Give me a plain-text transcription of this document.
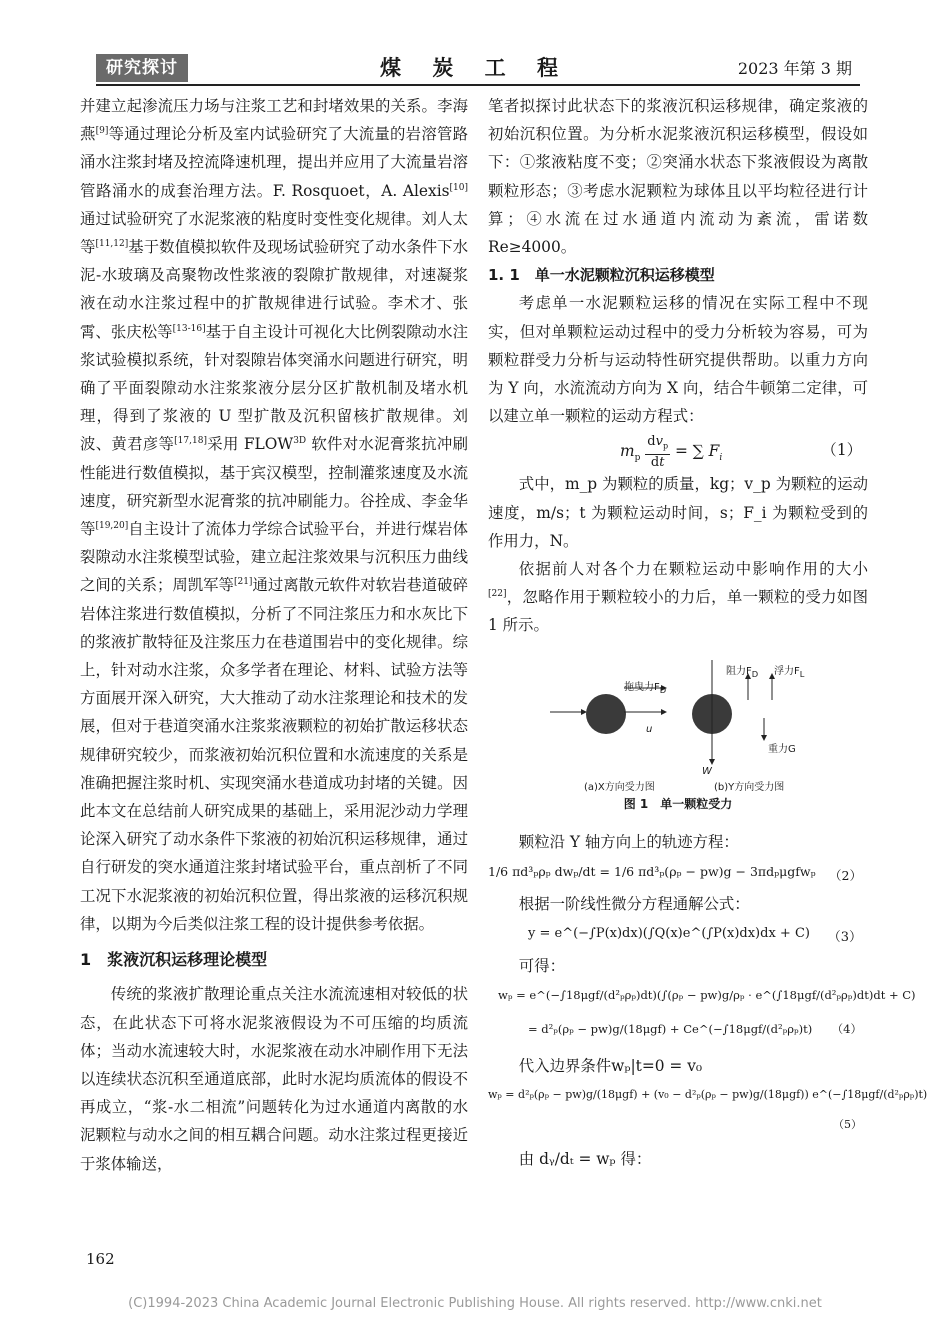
研究探讨	煤 炭 工 程	2023 年第 3 期

并建立起渗流压力场与注浆工艺和封堵效果的关系。李海燕[9]等通过理论分析及室内试验研究了大流量的岩溶管路涌水注浆封堵及控流降速机理，提出并应用了大流量岩溶管路涌水的成套治理方法。F. Rosquoet，A. Alexis[10]通过试验研究了水泥浆液的粘度时变性变化规律。刘人太等[11,12]基于数值模拟软件及现场试验研究了动水条件下水泥-水玻璃及高聚物改性浆液的裂隙扩散规律，对速凝浆液在动水注浆过程中的扩散规律进行试验。李术才、张霄、张庆松等[13-16]基于自主设计可视化大比例裂隙动水注浆试验模拟系统，针对裂隙岩体突涌水问题进行研究，明确了平面裂隙动水注浆浆液分层分区扩散机制及堵水机理，得到了浆液的 U 型扩散及沉积留核扩散规律。刘波、黄君彦等[17,18]采用 $FLOW^{3D}$ 软件对水泥膏浆抗冲刷性能进行数值模拟，基于宾汉模型，控制灌浆速度及水流速度，研究新型水泥膏浆的抗冲刷能力。谷拴成、李金华等[19,20]自主设计了流体力学综合试验平台，并进行煤岩体裂隙动水注浆模型试验，建立起注浆效果与沉积压力曲线之间的关系；周凯军等[21]通过离散元软件对软岩巷道破碎岩体注浆进行数值模拟，分析了不同注浆压力和水灰比下的浆液扩散特征及注浆压力在巷道围岩中的变化规律。综上，针对动水注浆，众多学者在理论、材料、试验方法等方面展开深入研究，大大推动了动水注浆理论和技术的发展，但对于巷道突涌水注浆浆液颗粒的初始扩散运移状态规律研究较少，而浆液初始沉积位置和水流速度的关系是准确把握注浆时机、实现突涌水巷道成功封堵的关键。因此本文在总结前人研究成果的基础上，采用泥沙动力学理论深入研究了动水条件下浆液的初始沉积运移规律，通过自行研发的突水通道注浆封堵试验平台，重点剖析了不同工况下水泥浆液的初始沉积位置，得出浆液的运移沉积规律，以期为今后类似注浆工程的设计提供参考依据。

1　浆液沉积运移理论模型

传统的浆液扩散理论重点关注水流流速相对较低的状态，在此状态下可将水泥浆液假设为不可压缩的均质流体；当动水流速较大时，水泥浆液在动水冲刷作用下无法以连续状态沉积至通道底部，此时水泥均质流体的假设不再成立，“浆-水二相流”问题转化为过水通道内离散的水泥颗粒与动水之间的相互耦合问题。动水注浆过程更接近于浆体输送，

笔者拟探讨此状态下的浆液沉积运移规律，确定浆液的初始沉积位置。为分析水泥浆液沉积运移模型，假设如下：①浆液粘度不变；②突涌水状态下浆液假设为离散颗粒形态；③考虑水泥颗粒为球体且以平均粒径进行计算；④水流在过水通道内流动为紊流，雷诺数 Re≥4000。

1. 1　单一水泥颗粒沉积运移模型

考虑单一水泥颗粒运移的情况在实际工程中不现实，但对单颗粒运动过程中的受力分析较为容易，可为颗粒群受力分析与运动特性研究提供帮助。以重力方向为 Y 向，水流流动方向为 X 向，结合牛顿第二定律，可以建立单一颗粒的运动方程式：

$m_p \frac{dv_p}{dt}$ = ∑ $F_i$	（1）

式中，m_p 为颗粒的质量，kg；v_p 为颗粒的运动速度，m/s；t 为颗粒运动时间，s；F_i 为颗粒受到的作用力，N。

依据前人对各个力在颗粒运动中影响作用的大小[22]，忽略作用于颗粒较小的力后，单一颗粒的受力如图 1 所示。

拖曳力$F_D$
u
阻力$F_D$ 浮力$F_L$
重力G
W
(a)X方向受力图	(b)Y方向受力图
图 1　单一颗粒受力

颗粒沿 Y 轴方向上的轨迹方程：

1/6 πd³ₚρₚ dwₚ/dt = 1/6 πd³ₚ(ρₚ − pw)g − 3πdₚμgfwₚ （2）

根据一阶线性微分方程通解公式：

y = e^(−∫P(x)dx)(∫Q(x)e^(∫P(x)dx)dx + C) （3）

可得：

wₚ = e^(−∫18μgf/(d²ₚρₚ)dt)(∫(ρₚ − pw)g/ρₚ · e^(∫18μgf/(d²ₚρₚ)dt)dt + C)
= d²ₚ(ρₚ − pw)g/(18μgf) + Ce^(−∫18μgf/(d²ₚρₚ)t) （4）

代入边界条件wₚ|t=0 = v₀

wₚ = d²ₚ(ρₚ − pw)g/(18μgf) + (v₀ − d²ₚ(ρₚ − pw)g/(18μgf)) e^(−∫18μgf/(d²ₚρₚ)t)
（5）

由 dᵧ/dₜ = wₚ 得：

162
(C)1994-2023 China Academic Journal Electronic Publishing House. All rights reserved. http://www.cnki.net
